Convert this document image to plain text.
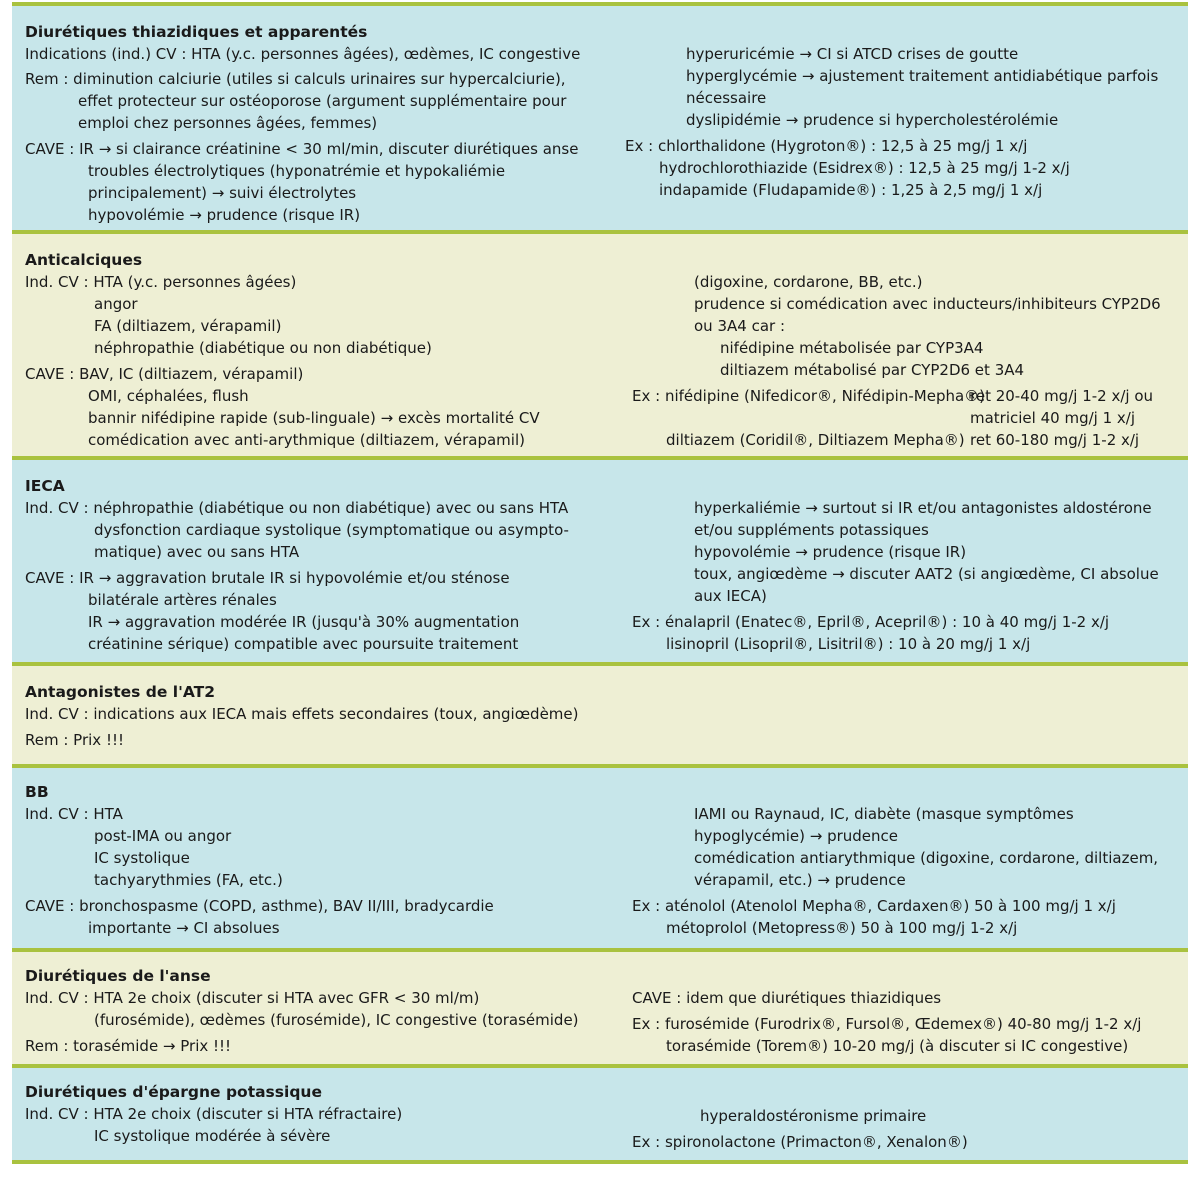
Diurétiques thiazidiques et apparentés
Indications (ind.) CV : HTA (y.c. personnes âgées), œdèmes, IC congestive
Rem : diminution calciurie (utiles si calculs urinaires sur hypercalciurie),
effet protecteur sur ostéoporose (argument supplémentaire pour
emploi chez personnes âgées, femmes)
CAVE : IR → si clairance créatinine < 30 ml/min, discuter diurétiques anse
troubles électrolytiques (hyponatrémie et hypokaliémie
principalement) → suivi électrolytes
hypovolémie → prudence (risque IR)
hyperuricémie → CI si ATCD crises de goutte
hyperglycémie → ajustement traitement antidiabétique parfois
nécessaire
dyslipidémie → prudence si hypercholestérolémie
Ex : chlorthalidone (Hygroton®) : 12,5 à 25 mg/j 1 x/j
hydrochlorothiazide (Esidrex®) : 12,5 à 25 mg/j 1-2 x/j
indapamide (Fludapamide®) : 1,25 à 2,5 mg/j 1 x/j
Anticalciques
Ind. CV : HTA (y.c. personnes âgées)
angor
FA (diltiazem, vérapamil)
néphropathie (diabétique ou non diabétique)
CAVE : BAV, IC (diltiazem, vérapamil)
OMI, céphalées, flush
bannir nifédipine rapide (sub-linguale) → excès mortalité CV
comédication avec anti-arythmique (diltiazem, vérapamil)
(digoxine, cordarone, BB, etc.)
prudence si comédication avec inducteurs/inhibiteurs CYP2D6
ou 3A4 car :
nifédipine métabolisée par CYP3A4
diltiazem métabolisé par CYP2D6 et 3A4
Ex : nifédipine (Nifedicor®, Nifédipin-Mepha®)
ret 20-40 mg/j 1-2 x/j ou
matriciel 40 mg/j 1 x/j
diltiazem (Coridil®, Diltiazem Mepha®) ret 60-180 mg/j 1-2 x/j
IECA
Ind. CV : néphropathie (diabétique ou non diabétique) avec ou sans HTA
dysfonction cardiaque systolique (symptomatique ou asympto-
matique) avec ou sans HTA
CAVE : IR → aggravation brutale IR si hypovolémie et/ou sténose
bilatérale artères rénales
IR → aggravation modérée IR (jusqu'à 30% augmentation
créatinine sérique) compatible avec poursuite traitement
hyperkaliémie → surtout si IR et/ou antagonistes aldostérone
et/ou suppléments potassiques
hypovolémie → prudence (risque IR)
toux, angiœdème → discuter AAT2 (si angiœdème, CI absolue
aux IECA)
Ex : énalapril (Enatec®, Epril®, Acepril®) : 10 à 40 mg/j 1-2 x/j
lisinopril (Lisopril®, Lisitril®) : 10 à 20 mg/j 1 x/j
Antagonistes de l'AT2
Ind. CV : indications aux IECA mais effets secondaires (toux, angiœdème)
Rem : Prix !!!
BB
Ind. CV : HTA
post-IMA ou angor
IC systolique
tachyarythmies (FA, etc.)
CAVE : bronchospasme (COPD, asthme), BAV II/III, bradycardie
importante → CI absolues
IAMI ou Raynaud, IC, diabète (masque symptômes
hypoglycémie) → prudence
comédication antiarythmique (digoxine, cordarone, diltiazem,
vérapamil, etc.) → prudence
Ex : aténolol (Atenolol Mepha®, Cardaxen®) 50 à 100 mg/j 1 x/j
métoprolol (Metopress®) 50 à 100 mg/j 1-2 x/j
Diurétiques de l'anse
Ind. CV : HTA 2e choix (discuter si HTA avec GFR < 30 ml/m)
(furosémide), œdèmes (furosémide), IC congestive (torasémide)
Rem : torasémide → Prix !!!
CAVE : idem que diurétiques thiazidiques
Ex : furosémide (Furodrix®, Fursol®, Œdemex®) 40-80 mg/j 1-2 x/j
torasémide (Torem®) 10-20 mg/j (à discuter si IC congestive)
Diurétiques d'épargne potassique
Ind. CV : HTA 2e choix (discuter si HTA réfractaire)
IC systolique modérée à sévère
hyperaldostéronisme primaire
Ex : spironolactone (Primacton®, Xenalon®)
